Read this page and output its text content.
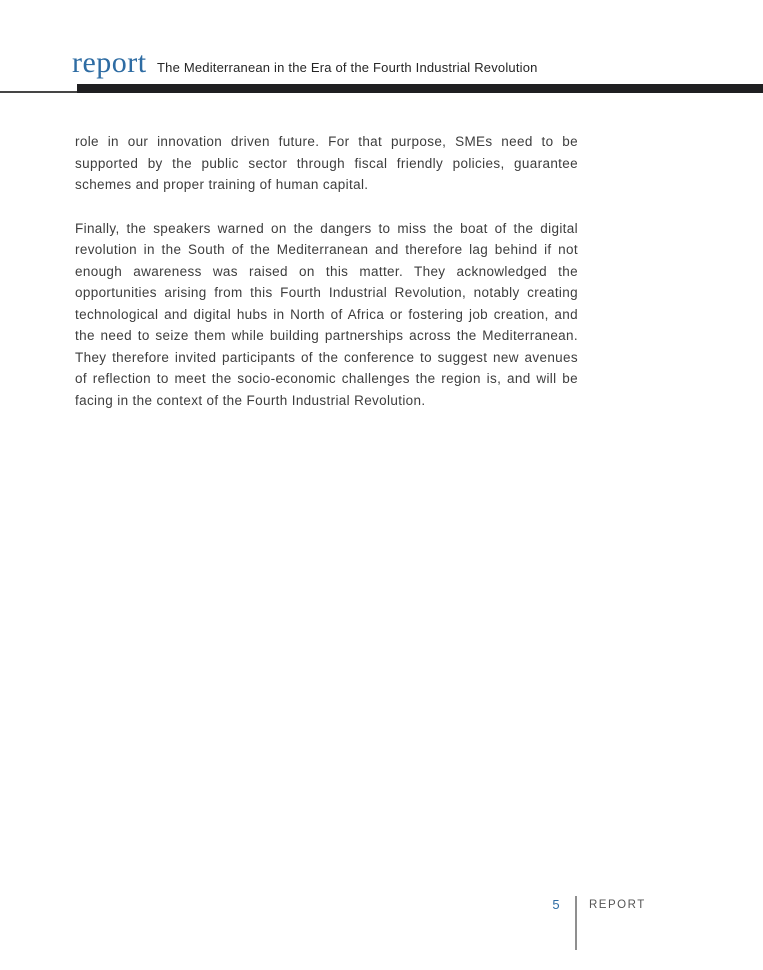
report The Mediterranean in the Era of the Fourth Industrial Revolution

role in our innovation driven future. For that purpose, SMEs need to be supported by the public sector through fiscal friendly policies, guarantee schemes and proper training of human capital.

Finally, the speakers warned on the dangers to miss the boat of the digital revolution in the South of the Mediterranean and therefore lag behind if not enough awareness was raised on this matter. They acknowledged the opportunities arising from this Fourth Industrial Revolution, notably creating technological and digital hubs in North of Africa or fostering job creation, and the need to seize them while building partnerships across the Mediterranean. They therefore invited participants of the conference to suggest new avenues of reflection to meet the socio-economic challenges the region is, and will be facing in the context of the Fourth Industrial Revolution.

5	REPORT
